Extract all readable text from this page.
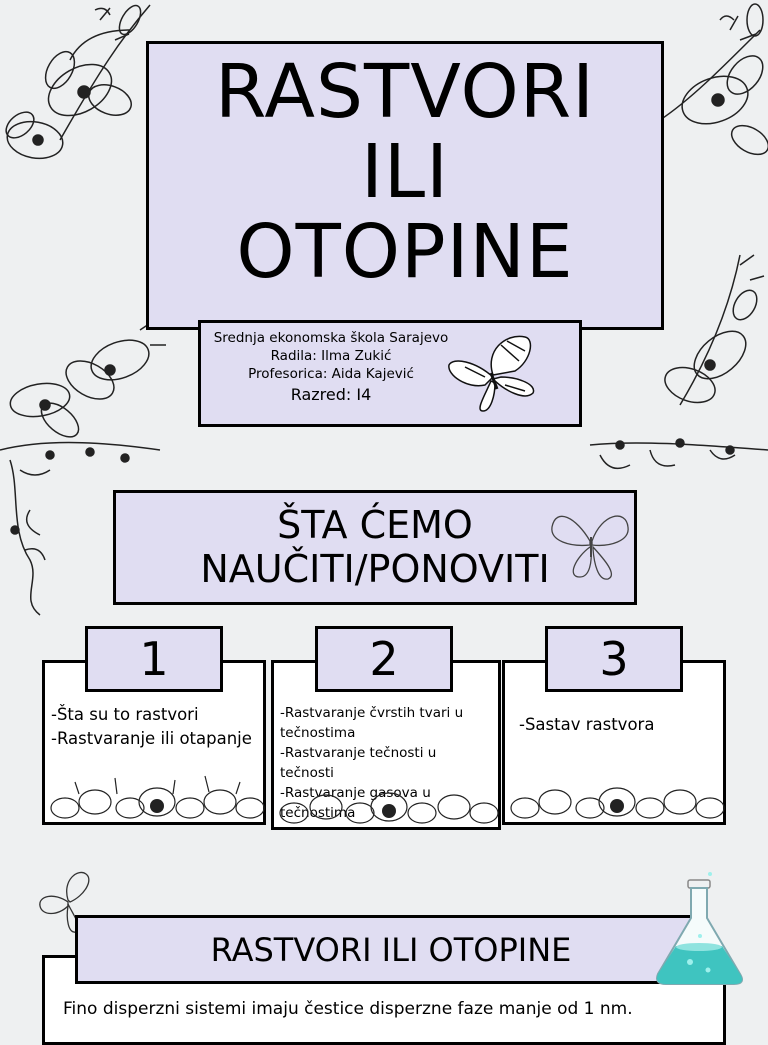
RASTVORI
ILI
OTOPINE
Srednja ekonomska škola Sarajevo
Radila: Ilma Zukić
Profesorica: Aida Kajević
Razred: I4
ŠTA ĆEMO
NAUČITI/PONOVITI
-Šta su to rastvori
-Rastvaranje ili otapanje
1
-Rastvaranje čvrstih tvari u tečnostima
-Rastvaranje tečnosti u tečnosti
-Rastvaranje gasova u tečnostima
2
-Sastav rastvora
3
Fino disperzni sistemi imaju čestice disperzne faze manje od 1 nm.
RASTVORI ILI OTOPINE
